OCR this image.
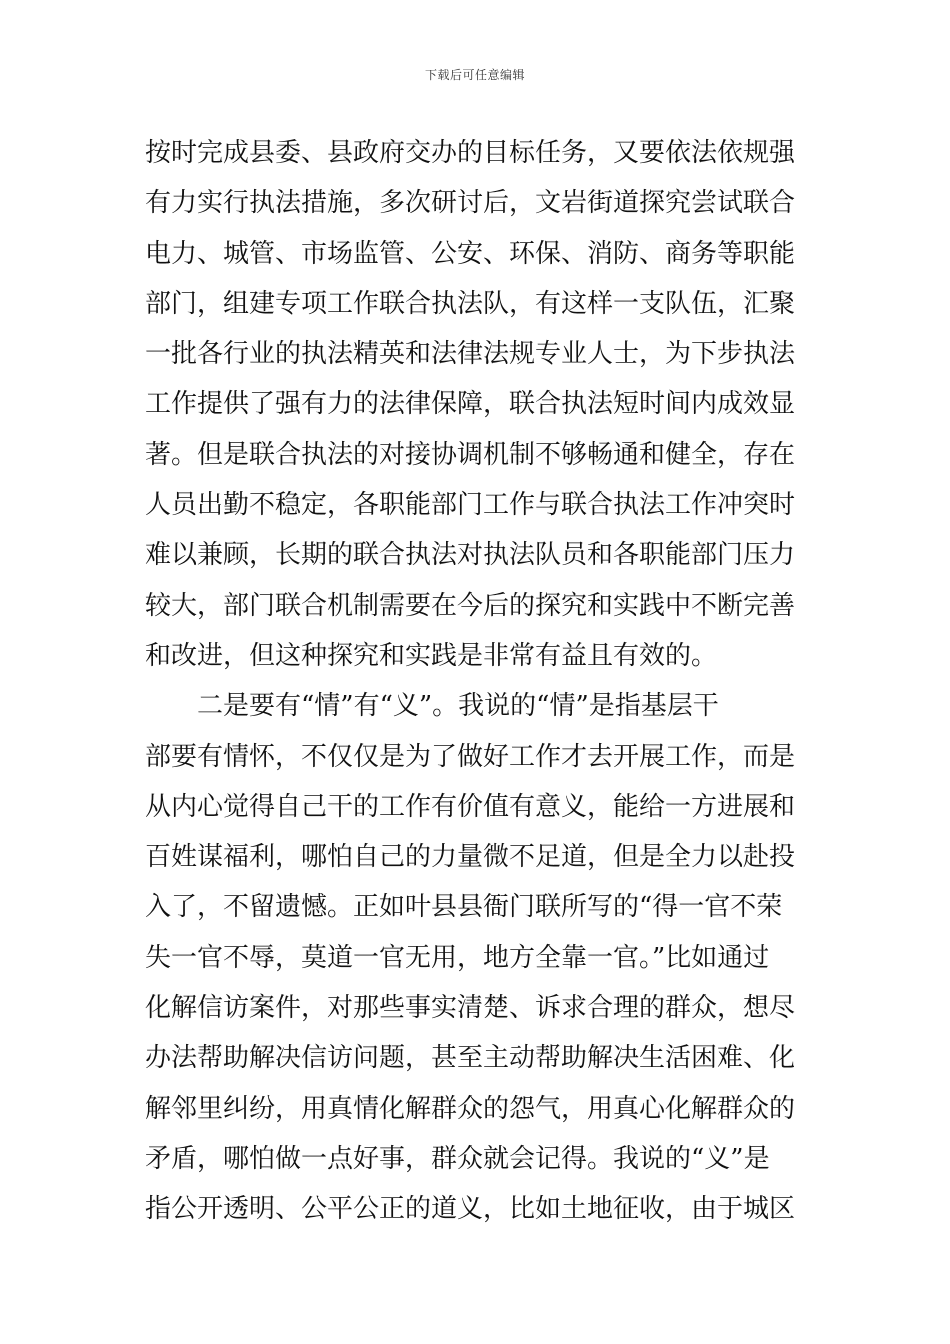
下载后可任意编辑
按时完成县委、县政府交办的目标任务，又要依法依规强
有力实行执法措施，多次研讨后，文岩街道探究尝试联合
电力、城管、市场监管、公安、环保、消防、商务等职能
部门，组建专项工作联合执法队，有这样一支队伍，汇聚
一批各行业的执法精英和法律法规专业人士，为下步执法
工作提供了强有力的法律保障，联合执法短时间内成效显
著。但是联合执法的对接协调机制不够畅通和健全，存在
人员出勤不稳定，各职能部门工作与联合执法工作冲突时
难以兼顾，长期的联合执法对执法队员和各职能部门压力
较大，部门联合机制需要在今后的探究和实践中不断完善
和改进，但这种探究和实践是非常有益且有效的。
二是要有“情”有“义”。我说的“情”是指基层干
部要有情怀，不仅仅是为了做好工作才去开展工作，而是
从内心觉得自己干的工作有价值有意义，能给一方进展和
百姓谋福利，哪怕自己的力量微不足道，但是全力以赴投
入了，不留遗憾。正如叶县县衙门联所写的“得一官不荣
失一官不辱，莫道一官无用，地方全靠一官。”比如通过
化解信访案件，对那些事实清楚、诉求合理的群众，想尽
办法帮助解决信访问题，甚至主动帮助解决生活困难、化
解邻里纠纷，用真情化解群众的怨气，用真心化解群众的
矛盾，哪怕做一点好事，群众就会记得。我说的“义”是
指公开透明、公平公正的道义，比如土地征收，由于城区
